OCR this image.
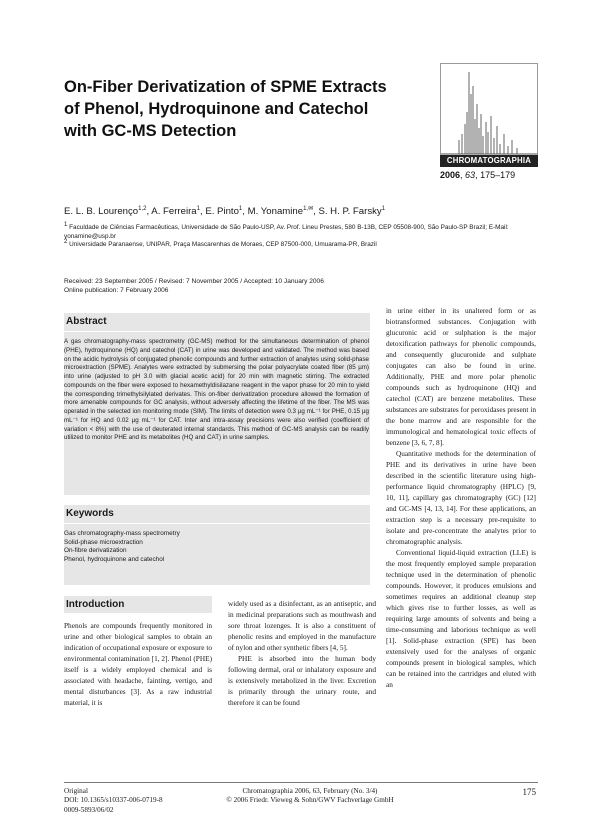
On-Fiber Derivatization of SPME Extracts
of Phenol, Hydroquinone and Catechol
with GC-MS Detection
CHROMATOGRAPHIA
2006, 63, 175–179
E. L. B. Lourenço$^{1,2}$, A. Ferreira$^1$, E. Pinto$^1$, M. Yonamine$^{1,✉}$, S. H. P. Farsky$^1$
$^1$ Faculdade de Ciências Farmacêuticas, Universidade de São Paulo-USP, Av. Prof. Lineu Prestes, 580 B-13B, CEP 05508-900, São Paulo-SP Brazil; E-Mail: yonamine@usp.br
$^2$ Universidade Paranaense, UNIPAR, Praça Mascarenhas de Moraes, CEP 87500-000, Umuarama-PR, Brazil
Received: 23 September 2005 / Revised: 7 November 2005 / Accepted: 10 January 2006
Online publication: 7 February 2006
Abstract
A gas chromatography-mass spectrometry (GC-MS) method for the simultaneous determination of phenol (PHE), hydroquinone (HQ) and catechol (CAT) in urine was developed and validated. The method was based on the acidic hydrolysis of conjugated phenolic compounds and further extraction of analytes using solid-phase microextraction (SPME). Analytes were extracted by submersing the polar polyacrylate coated fiber (85 µm) into urine (adjusted to pH 3.0 with glacial acetic acid) for 20 min with magnetic stirring. The extracted compounds on the fiber were exposed to hexamethyldisilazane reagent in the vapor phase for 20 min to yield the corresponding trimethylsilylated derivates. This on-fiber derivatization procedure allowed the formation of more amenable compounds for GC analysis, without adversely affecting the lifetime of the fiber. The MS was operated in the selected ion monitoring mode (SIM). The limits of detection were 0.3 µg mL⁻¹ for PHE, 0.15 µg mL⁻¹ for HQ and 0.02 µg mL⁻¹ for CAT. Inter and intra-assay precisions were also verified (coefficient of variation < 8%) with the use of deuterated internal standards. This method of GC-MS analysis can be readily utilized to monitor PHE and its metabolites (HQ and CAT) in urine samples.
Keywords
Gas chromatography-mass spectrometry
Solid-phase microextraction
On-fibre derivatization
Phenol, hydroquinone and catechol
Introduction

Phenols are compounds frequently monitored in urine and other biological samples to obtain an indication of occupational exposure or exposure to environmental contamination [1, 2]. Phenol (PHE) itself is a widely employed chemical and is associated with headache, fainting, vertigo, and mental disturbances [3]. As a raw industrial material, it is

widely used as a disinfectant, as an antiseptic, and in medicinal preparations such as mouthwash and sore throat lozenges. It is also a constituent of phenolic resins and employed in the manufacture of nylon and other synthetic fibers [4, 5].

PHE is absorbed into the human body following dermal, oral or inhalatory exposure and is extensively metabolized in the liver. Excretion is primarily through the urinary route, and therefore it can be found

in urine either in its unaltered form or as biotransformed substances. Conjugation with glucuronic acid or sulphation is the major detoxification pathways for phenolic compounds, and consequently glucuronide and sulphate conjugates can also be found in urine. Additionally, PHE and more polar phenolic compounds such as hydroquinone (HQ) and catechol (CAT) are benzene metabolites. These substances are substrates for peroxidases present in the bone marrow and are responsible for the immunological and hematological toxic effects of benzene [3, 6, 7, 8].

Quantitative methods for the determination of PHE and its derivatives in urine have been described in the scientific literature using high-performance liquid chromatography (HPLC) [9, 10, 11], capillary gas chromatography (GC) [12] and GC-MS [4, 13, 14]. For these applications, an extraction step is a necessary pre-requisite to isolate and pre-concentrate the analytes prior to chromatographic analysis.

Conventional liquid-liquid extraction (LLE) is the most frequently employed sample preparation technique used in the determination of phenolic compounds. However, it produces emulsions and sometimes requires an additional cleanup step which gives rise to further losses, as well as requiring large amounts of solvents and being a time-consuming and laborious technique as well [1]. Solid-phase extraction (SPE) has been extensively used for the analyses of organic compounds present in biological samples, which can be retained into the cartridges and eluted with an

Original
DOI: 10.1365/s10337-006-0719-8
0009-5893/06/02
Chromatographia 2006, 63, February (No. 3/4)
© 2006 Friedr. Vieweg & Sohn/GWV Fachverlage GmbH
175
